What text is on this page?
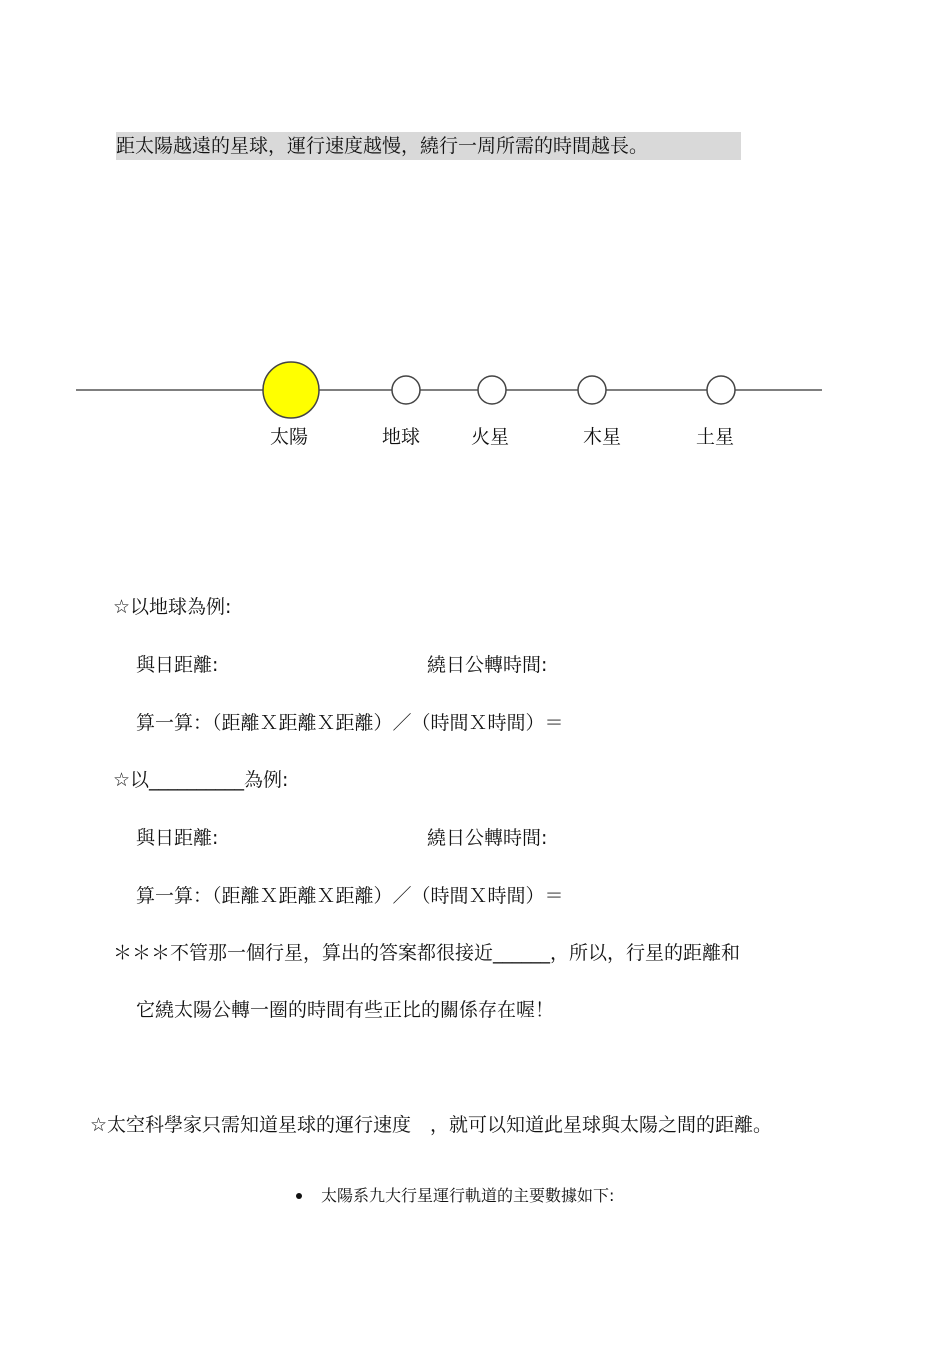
距太陽越遠的星球，運行速度越慢，繞行一周所需的時間越長。
太陽	地球	火星	木星	土星
☆以地球為例:
與日距離:	繞日公轉時間:
算一算：（距離Ｘ距離Ｘ距離）／（時間Ｘ時間）＝
☆以__________為例:
與日距離:	繞日公轉時間:
算一算：（距離Ｘ距離Ｘ距離）／（時間Ｘ時間）＝
＊＊＊不管那一個行星，算出的答案都很接近______，所以，行星的距離和
它繞太陽公轉一圈的時間有些正比的關係存在喔！
☆太空科學家只需知道星球的運行速度　，就可以知道此星球與太陽之間的距離。
太陽系九大行星運行軌道的主要數據如下:
